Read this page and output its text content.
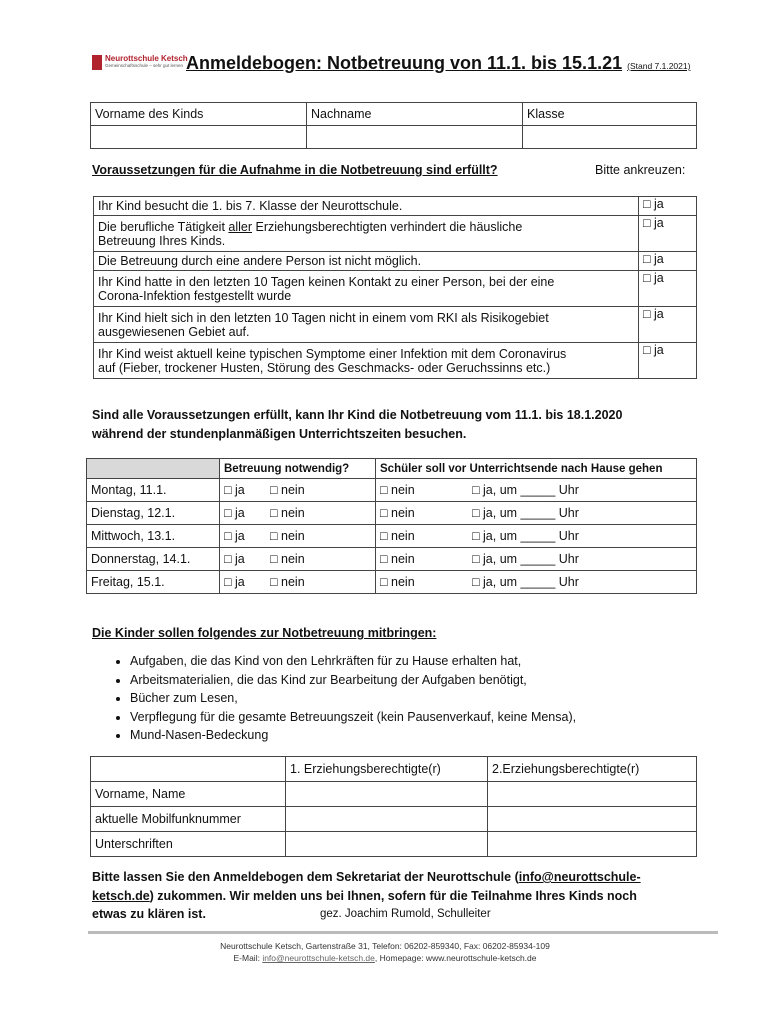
Neurottschule Ketsch
Gemeinschaftsschule – sehr gut lernen Anmeldebogen: Notbetreuung von 11.1. bis 15.1.21 (Stand 7.1.2021)
Vorname des Kinds	Nachname	Klasse

Voraussetzungen für die Aufnahme in die Notbetreuung sind erfüllt?	Bitte ankreuzen:
Ihr Kind besucht die 1. bis 7. Klasse der Neurottschule.	□ ja
Die berufliche Tätigkeit aller Erziehungsberechtigten verhindert die häusliche
Betreuung Ihres Kinds.	□ ja
Die Betreuung durch eine andere Person ist nicht möglich.	□ ja
Ihr Kind hatte in den letzten 10 Tagen keinen Kontakt zu einer Person, bei der eine
Corona-Infektion festgestellt wurde	□ ja
Ihr Kind hielt sich in den letzten 10 Tagen nicht in einem vom RKI als Risikogebiet
ausgewiesenen Gebiet auf.	□ ja
Ihr Kind weist aktuell keine typischen Symptome einer Infektion mit dem Coronavirus
auf (Fieber, trockener Husten, Störung des Geschmacks- oder Geruchssinns etc.)	□ ja
Sind alle Voraussetzungen erfüllt, kann Ihr Kind die Notbetreuung vom 11.1. bis 18.1.2020
während der stundenplanmäßigen Unterrichtszeiten besuchen.
	Betreuung notwendig?	Schüler soll vor Unterrichtsende nach Hause gehen
Montag, 11.1.	□ ja □ nein	□ nein □ ja, um _____ Uhr
Dienstag, 12.1.	□ ja □ nein	□ nein □ ja, um _____ Uhr
Mittwoch, 13.1.	□ ja □ nein	□ nein □ ja, um _____ Uhr
Donnerstag, 14.1.	□ ja □ nein	□ nein □ ja, um _____ Uhr
Freitag, 15.1.	□ ja □ nein	□ nein □ ja, um _____ Uhr
Die Kinder sollen folgendes zur Notbetreuung mitbringen:
• Aufgaben, die das Kind von den Lehrkräften für zu Hause erhalten hat,
• Arbeitsmaterialien, die das Kind zur Bearbeitung der Aufgaben benötigt,
• Bücher zum Lesen,
• Verpflegung für die gesamte Betreuungszeit (kein Pausenverkauf, keine Mensa),
• Mund-Nasen-Bedeckung
	1. Erziehungsberechtigte(r)	2.Erziehungsberechtigte(r)
Vorname, Name		
aktuelle Mobilfunknummer		
Unterschriften		
Bitte lassen Sie den Anmeldebogen dem Sekretariat der Neurottschule (info@neurottschule-
ketsch.de) zukommen. Wir melden uns bei Ihnen, sofern für die Teilnahme Ihres Kinds noch
etwas zu klären ist.	gez. Joachim Rumold, Schulleiter
Neurottschule Ketsch, Gartenstraße 31, Telefon: 06202-859340, Fax: 06202-85934-109
E-Mail: info@neurottschule-ketsch.de, Homepage: www.neurottschule-ketsch.de
